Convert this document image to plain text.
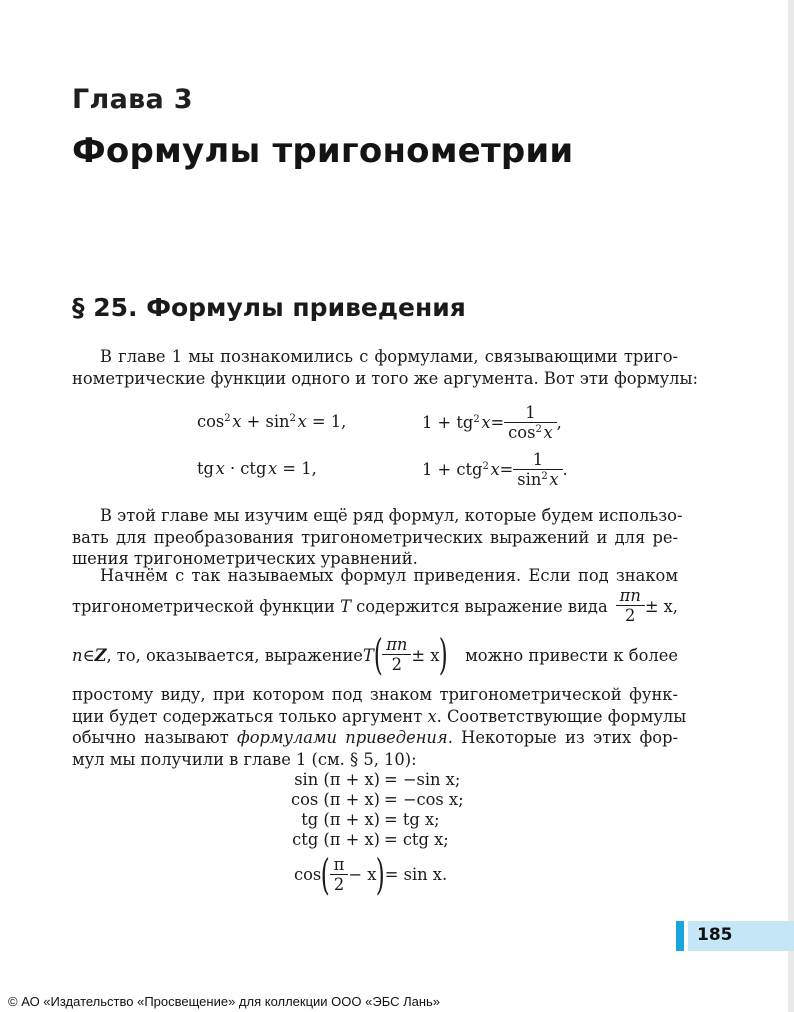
Глава 3
Формулы тригонометрии
§ 25. Формулы приведения
В главе 1 мы познакомились с формулами, связывающими триго-
нометрические функции одного и того же аргумента. Вот эти формулы:
$\cos^2$ $x + \sin^2$ x = 1,	$1 + tg^2$
  $x = \frac{1}{\cos^2 x}$ ,
tg x · ctg x = 1,	1 + ctg$^2$
  $x = \frac{1}{\sin^2 x}$ .
В этой главе мы изучим ещё ряд формул, которые будем использо-
вать для преобразования тригонометрических выражений и для ре-
шения тригонометрических уравнений.
Начнём с так называемых формул приведения. Если под знаком
тригонометрической функции T содержится выражение вида $\frac{\pi n}{2} \pm x$,
n ∈ Z , то, оказывается, выражение T ( $\frac{\pi n}{2} \pm x$ ) можно привести к более
простому виду, при котором под знаком тригонометрической функ-
ции будет содержаться только аргумент x. Соответствующие формулы
обычно называют формулами приведения. Некоторые из этих фор-
мул мы получили в главе 1 (см. § 5, 10):
sin (π + x) = −sin x;
cos (π + x) = −cos x;
tg (π + x) = tg x;
ctg (π + x) = ctg x;
cos ( $\frac{\pi}{2} - x$ ) = sin x.
185
© АО «Издательство «Просвещение» для коллекции ООО «ЭБС Лань»
